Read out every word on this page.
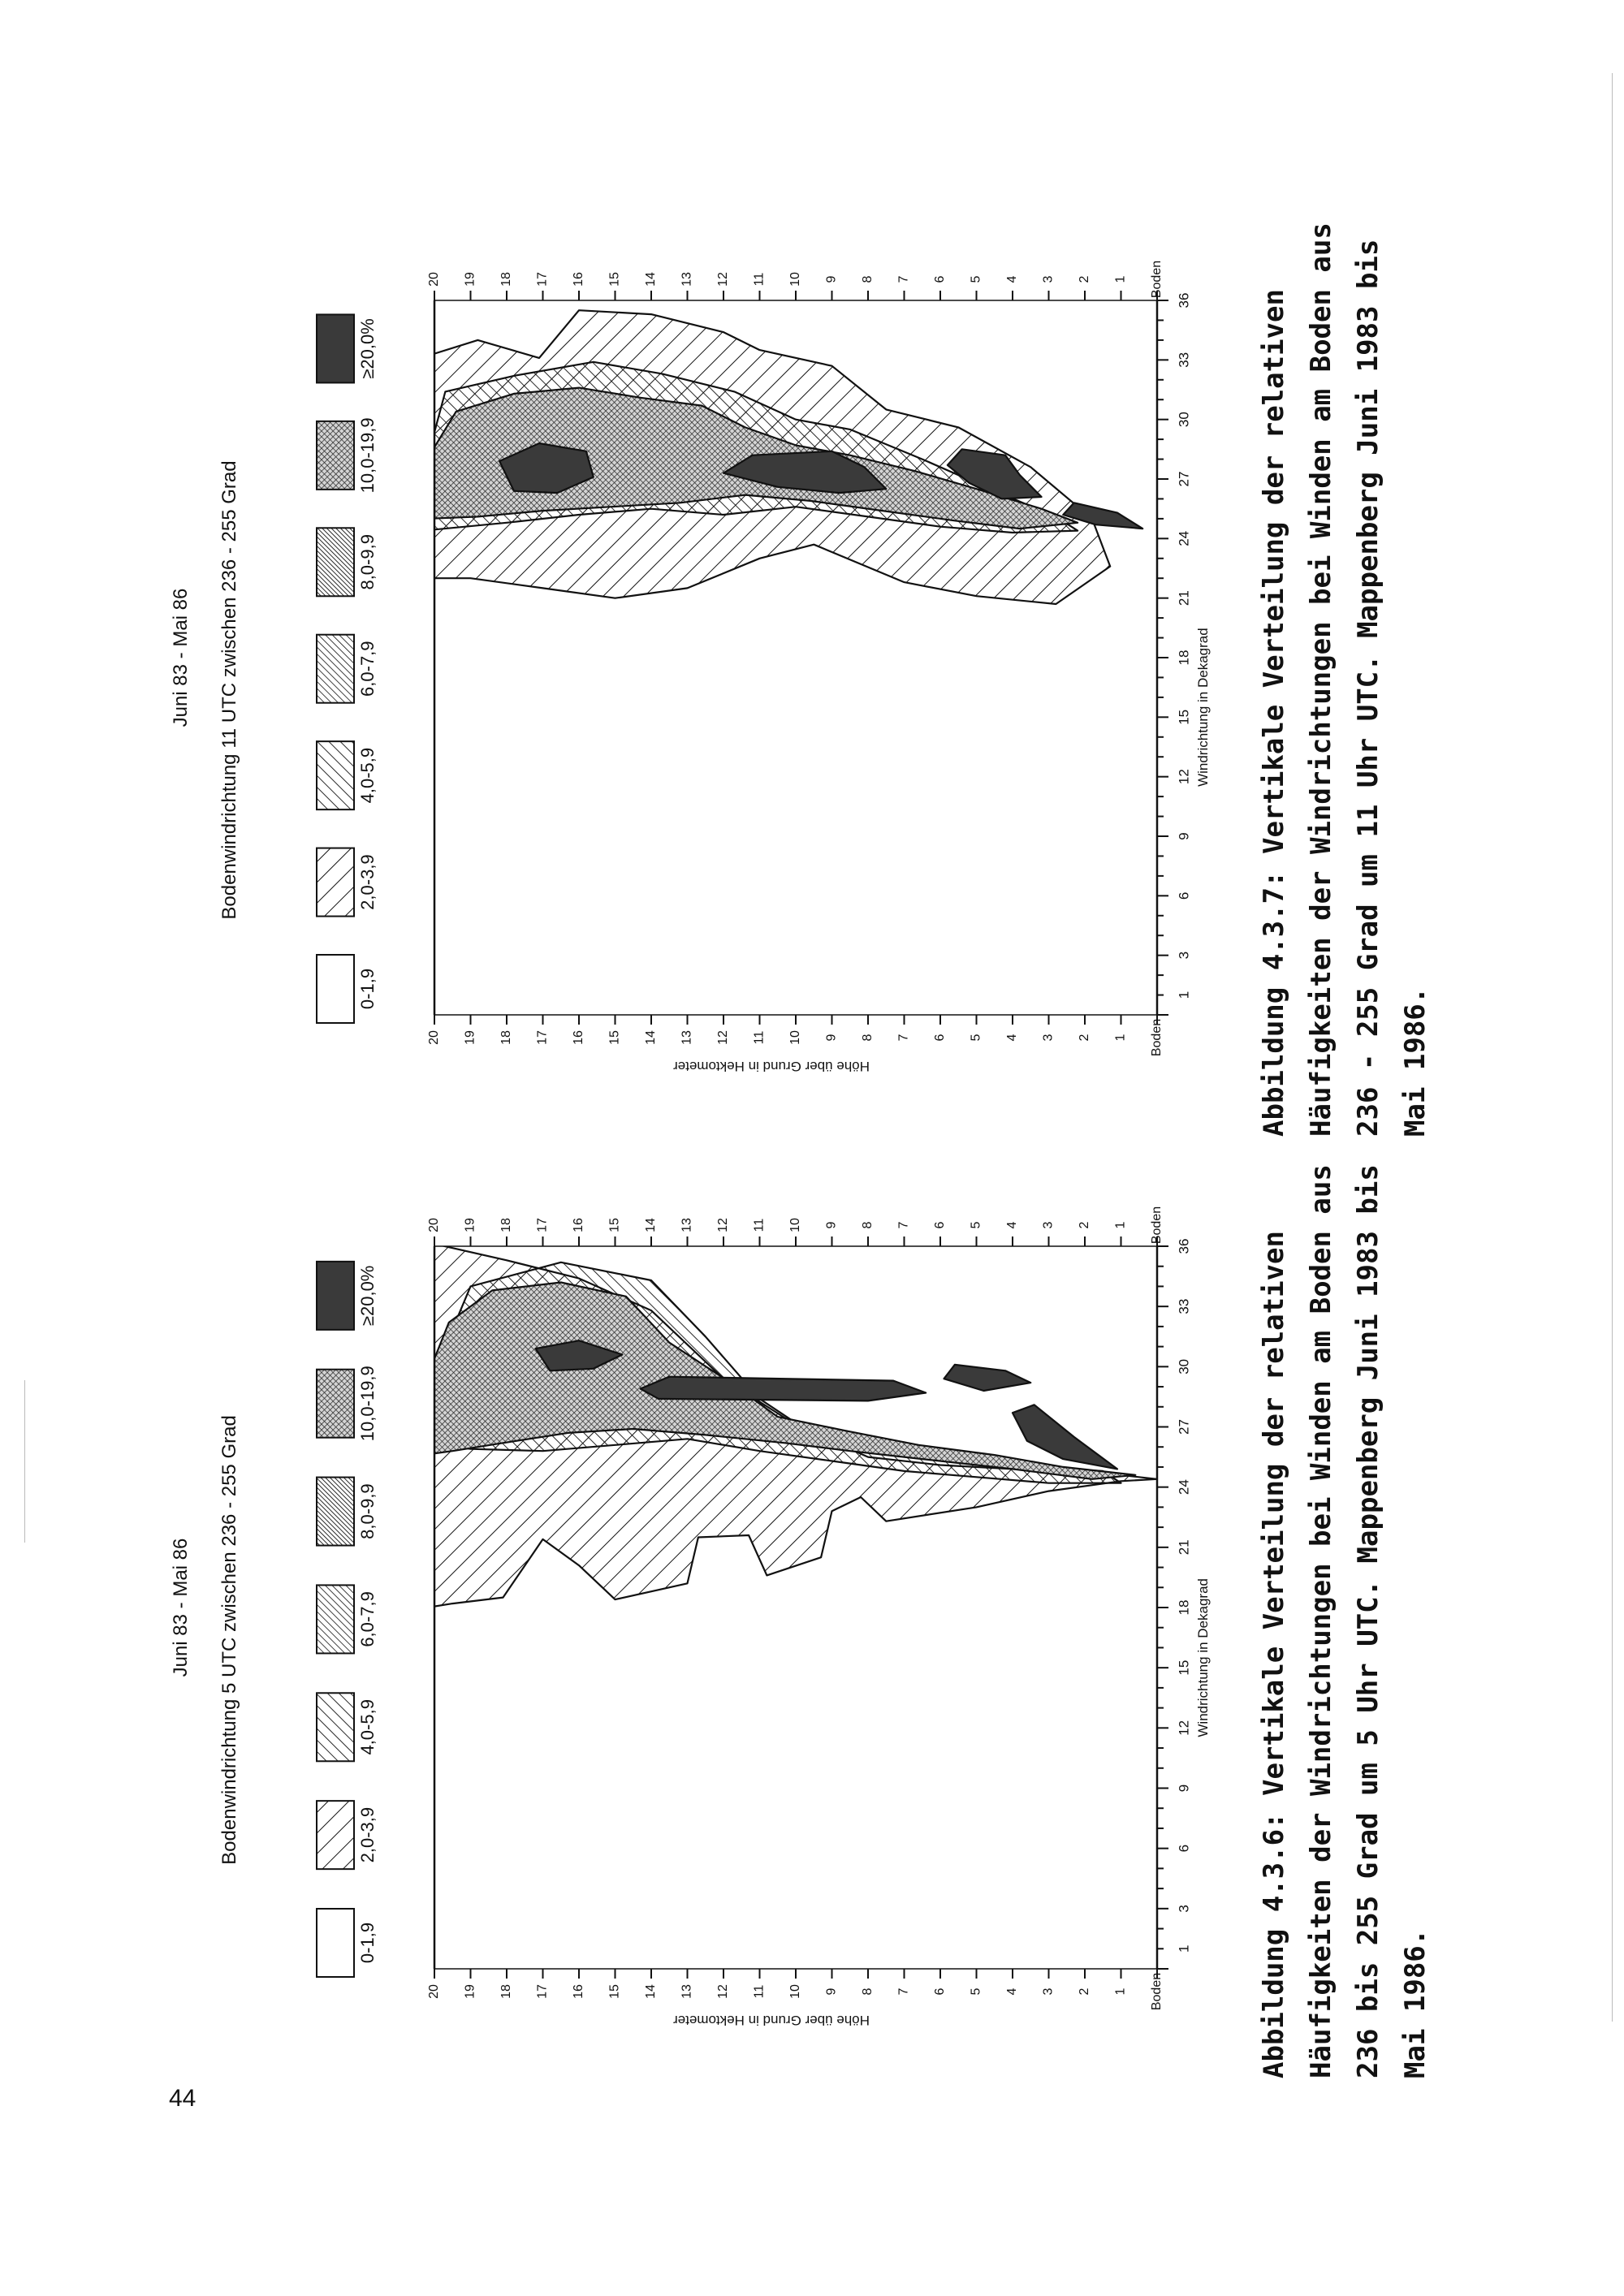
Juni 83 - Mai 86 Bodenwindrichtung 5 UTC zwischen 236 - 255 Grad
0-1,9
2,0-3,9
4,0-5,9
6,0-7,9
8,0-9,9
10,0-19,9
≥20,0%
1
3
6
9
12
15
18
21
24
27
30
33
36
Windrichtung in Dekagrad
Boden
Boden
1
1
2
2
3
3
4
4
5
5
6
6
7
7
8
8
9
9
10
10
11
11
12
12
13
13
14
14
15
15
16
16
17
17
18
18
19
19
20
20
Höhe über Grund in Hektometer
Juni 83 - Mai 86 Bodenwindrichtung 11 UTC zwischen 236 - 255 Grad
0-1,9
2,0-3,9
4,0-5,9
6,0-7,9
8,0-9,9
10,0-19,9
≥20,0%
1
3
6
9
12
15
18
21
24
27
30
33
36
Windrichtung in Dekagrad
Boden
Boden
1
1
2
2
3
3
4
4
5
5
6
6
7
7
8
8
9
9
10
10
11
11
12
12
13
13
14
14
15
15
16
16
17
17
18
18
19
19
20
20
Höhe über Grund in Hektometer
Abbildung 4.3.6: Vertikale Verteilung der relativen Häufigkeiten der Windrichtungen bei Winden am Boden aus 236 bis 255 Grad um 5 Uhr UTC. Mappenberg Juni 1983 bis Mai 1986.
Abbildung 4.3.7: Vertikale Verteilung der relativen Häufigkeiten der Windrichtungen bei Winden am Boden aus 236 - 255 Grad um 11 Uhr UTC. Mappenberg Juni 1983 bis Mai 1986.
44
